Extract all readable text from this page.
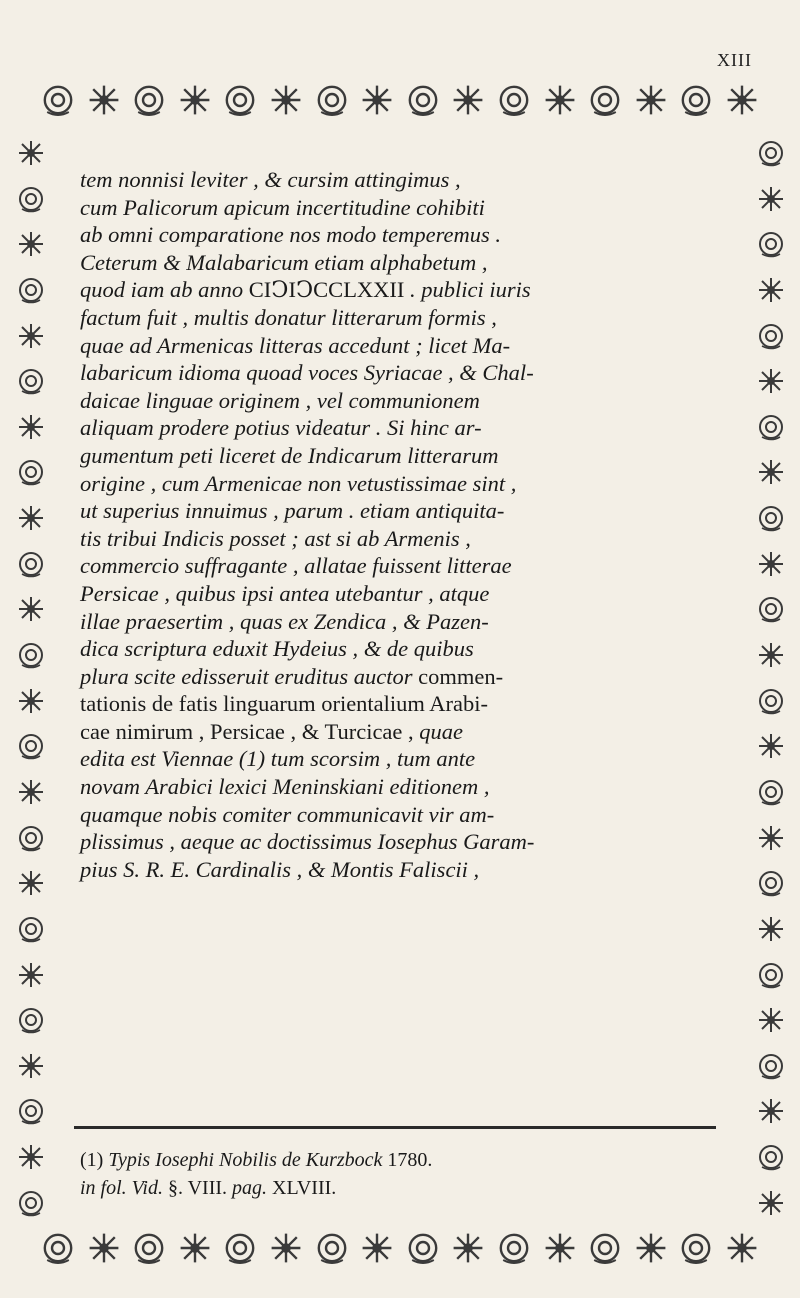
XIII
tem nonnisi leviter , & cursim attingimus ,
cum Palicorum apicum incertitudine cohibiti
ab omni comparatione nos modo temperemus .
Ceterum & Malabaricum etiam alphabetum ,
quod iam ab anno CIↃIↃCCLXXII . publici iuris
factum fuit , multis donatur litterarum formis ,
quae ad Armenicas litteras accedunt ; licet Ma-
labaricum idioma quoad voces Syriacae , & Chal-
daicae linguae originem , vel communionem
aliquam prodere potius videatur . Si hinc ar-
gumentum peti liceret de Indicarum litterarum
origine , cum Armenicae non vetustissimae sint ,
ut superius innuimus , parum . etiam antiquita-
tis tribui Indicis posset ; ast si ab Armenis ,
commercio suffragante , allatae fuissent litterae
Persicae , quibus ipsi antea utebantur , atque
illae praesertim , quas ex Zendica , & Pazen-
dica scriptura eduxit Hydeius , & de quibus
plura scite edisseruit eruditus auctor commen-
tationis de fatis linguarum orientalium Arabi-
cae nimirum , Persicae , & Turcicae , quae
edita est Viennae (1) tum scorsim , tum ante
novam Arabici lexici Meninskiani editionem ,
quamque nobis comiter communicavit vir am-
plissimus , aeque ac doctissimus Iosephus Garam-
pius S. R. E. Cardinalis , & Montis Faliscii ,
(1) Typis Iosephi Nobilis de Kurzbock 1780.
in fol. Vid. §. VIII. pag. XLVIII.
